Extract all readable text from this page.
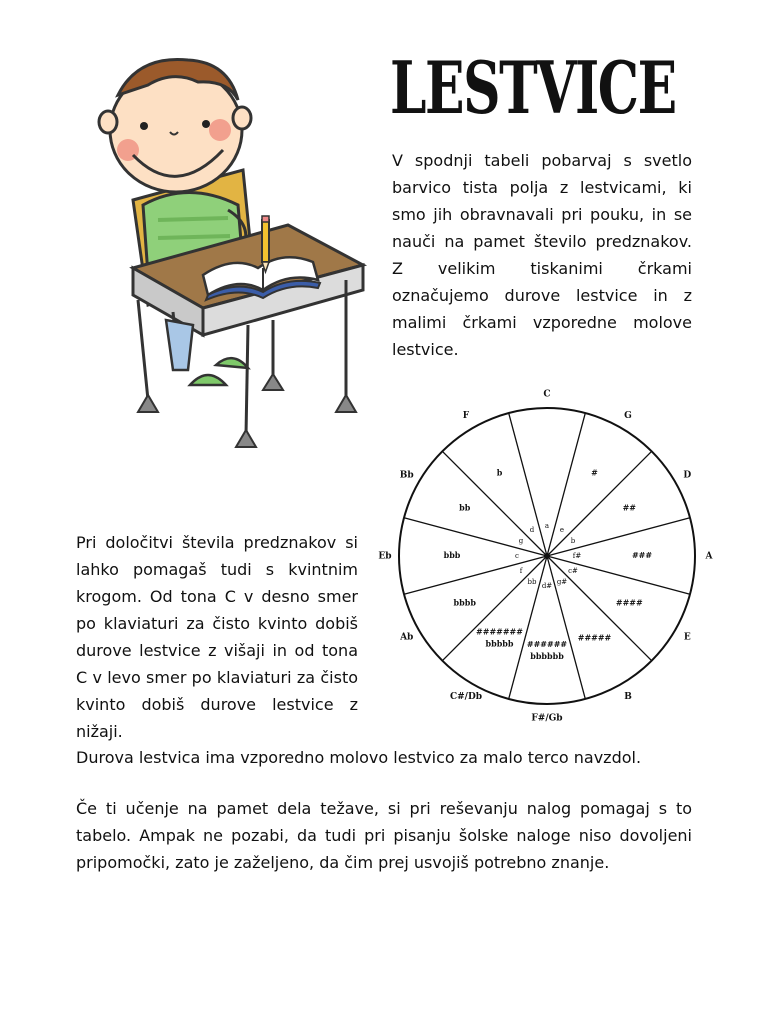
LESTVICE

V spodnji tabeli pobarvaj s svetlo barvico tista polja z lestvicami, ki smo jih obravnavali pri pouku, in se nauči na pamet število predznakov. Z velikim tiskanimi črkami označujemo durove lestvice in z malimi črkami vzporedne molove lestvice.

C
G
D
A
E
B
F#/Gb
C#/Db
Ab
Eb
Bb
F
a
e
b
f#
c#
g#
d#
bb
f
c
g
d
#
##
###
####
#####
######
bbbbbb
#######
bbbbb
bbbb
bbb
bb
b

Pri določitvi števila predznakov si lahko pomagaš tudi s kvintnim krogom. Od tona C v desno smer po klaviaturi za čisto kvinto dobiš durove lestvice z višaji in od tona C v levo smer po klaviaturi za čisto kvinto dobiš durove lestvice z nižaji.

Durova lestvica ima vzporedno molovo lestvico za malo terco navzdol.

Če ti učenje na pamet dela težave, si pri reševanju nalog pomagaj s to tabelo. Ampak ne pozabi, da tudi pri pisanju šolske naloge niso dovoljeni pripomočki, zato je zaželjeno, da čim prej usvojiš potrebno znanje.
